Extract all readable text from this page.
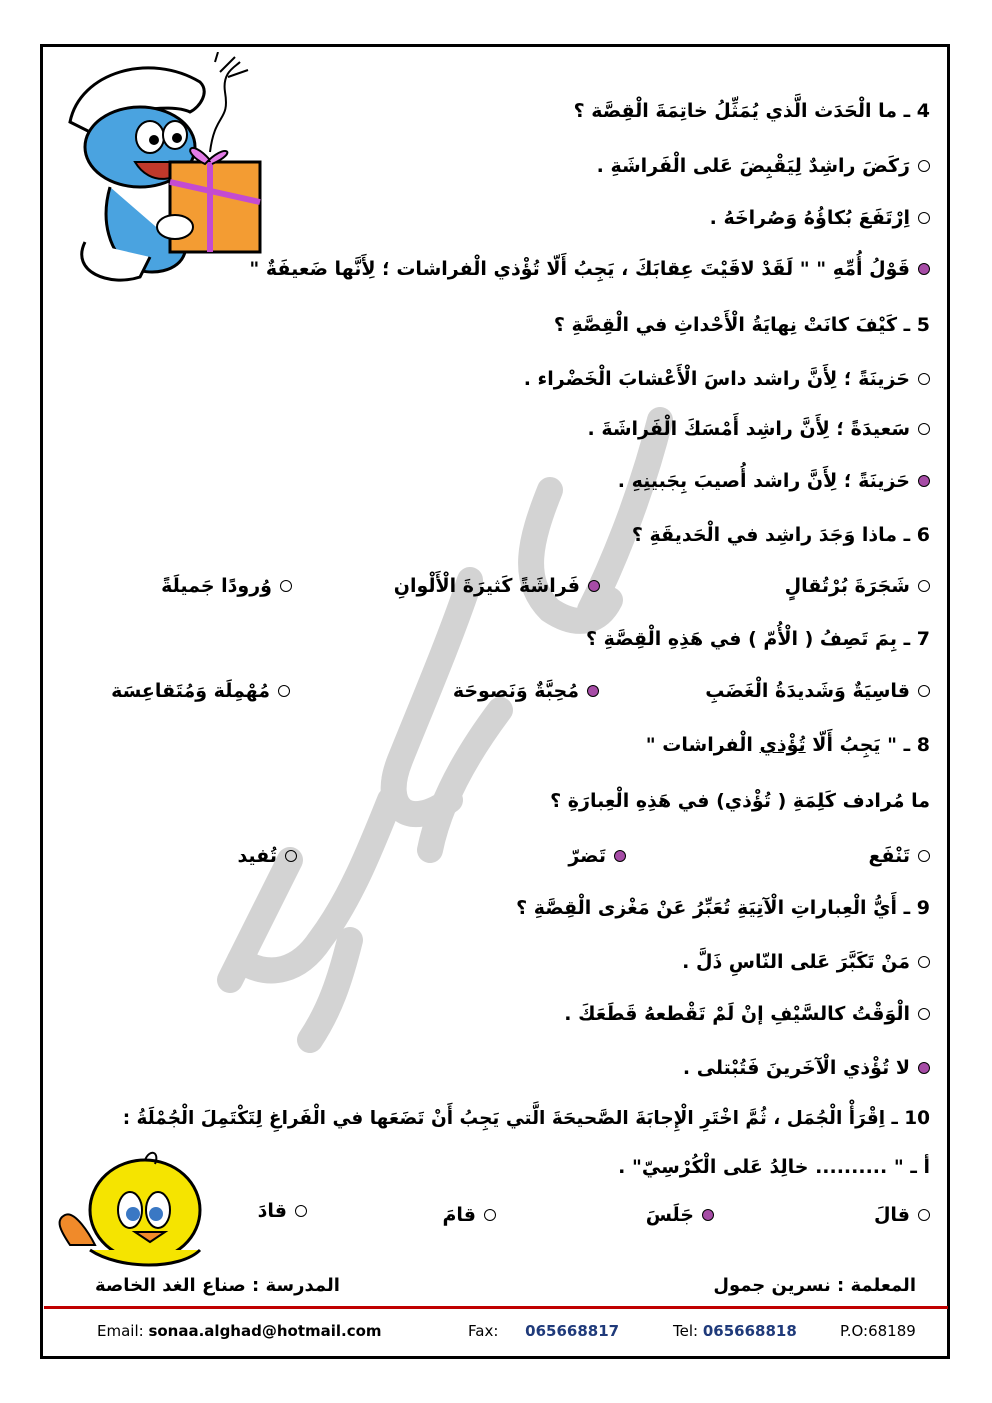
4 ـ ما الْحَدَث الَّذي يُمَثِّلُ خاتِمَةَ الْقِصَّة ؟
رَكَضَ راشِدٌ لِيَقْبِضَ عَلى الْفَراشَةِ .
اِرْتَفَعَ بُكاؤُهُ وَصُراخَهُ .
قَوْلُ أُمِّهِ " " لَقَدْ لاقَيْتَ عِقابَكَ ، يَجِبُ أَلّا تُؤْذي الْفراشات ؛ لِأَنَّها ضَعيفَةٌ "
5 ـ كَيْفَ كانَتْ نِهايَةُ الْأَحْداثِ في الْقِصَّةِ ؟
حَزينَةً ؛ لِأَنَّ راشد داسَ الْأَعْشابَ الْخَضْراء .
سَعيدَةً ؛ لِأَنَّ راشِد أَمْسَكَ الْفَراشَةَ .
حَزينَةً ؛ لِأَنَّ راشد أُصيبَ بِجَبينِهِ .
6 ـ ماذا وَجَدَ راشِد في الْحَديقَةِ ؟
شَجَرَةَ بُرْتُقالٍ
فَراشَةً كَثيرَةَ الْأَلْوانِ
وُرودًا جَميلَةً
7 ـ بِمَ تَصِفُ ( الْأُمّ ) في هَذِهِ الْقِصَّةِ ؟
قاسِيَةٌ وَشَديدَةُ الْغَضَبِ
مُحِبَّةٌ وَنَصوحَة
مُهْمِلَة وَمُتَقاعِسَة
8 ـ " يَجِبُ أَلّا تُؤْذي الْفراشات "
ما مُرادف كَلِمَةِ ( تُؤْذي) في هَذِهِ الْعِبارَةِ ؟
تَنْفَع
تَضرّ
تُفيد
9 ـ أَيُّ الْعِباراتِ الْآتِيَةِ تُعَبِّرُ عَنْ مَغْزى الْقِصَّةِ ؟
مَنْ تَكَبَّرَ عَلى النّاسِ ذَلَّ .
الْوَقْتُ كالسَّيْفِ إنْ لَمْ تَقْطعهُ قَطَعَكَ .
لا تُؤْذي الْآخَرينَ فَتُبْتلى .
10 ـ اِقْرَأْ الْجُمَل ، ثُمَّ اخْتَرِ الْإِجابَةَ الصَّحيحَةَ الَّتي يَجِبُ أَنْ تَضَعَها في الْفَراغِ لِتَكْتَمِلَ الْجُمْلَةُ :
أ ـ " .......... خالِدُ عَلى الْكُرْسِيّ" .
قالَ
جَلَسَ
قامَ
قادَ
المعلمة : نسرين جمول
المدرسة : صناع الغد الخاصة
Email: sonaa.alghad@hotmail.com	Fax: 065668817	Tel: 065668818	P.O:68189
